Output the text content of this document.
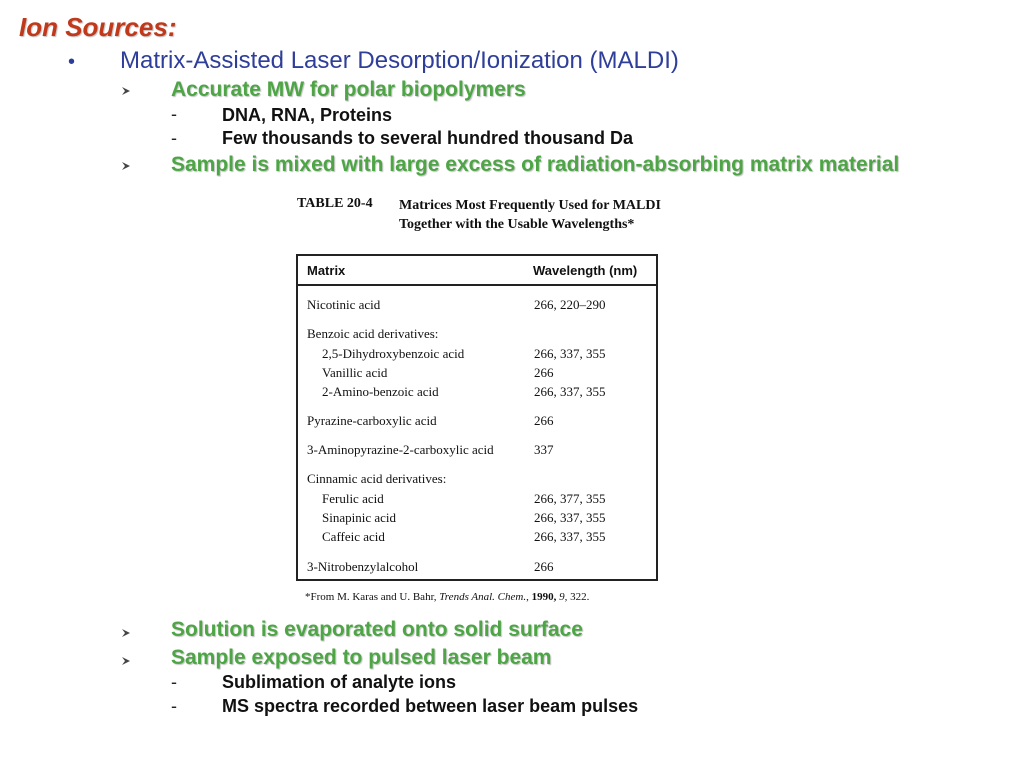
Ion Sources:
• Matrix-Assisted Laser Desorption/Ionization (MALDI)
Accurate MW for polar biopolymers
-	DNA, RNA, Proteins
-	Few thousands to several hundred thousand Da
Sample is mixed with large excess of radiation-absorbing matrix material
TABLE 20-4 Matrices Most Frequently Used for MALDI Together with the Usable Wavelengths*
Matrix	Wavelength (nm)
Nicotinic acid	266, 220–290
Benzoic acid derivatives:
2,5-Dihydroxybenzoic acid	266, 337, 355
Vanillic acid	266
2-Amino-benzoic acid	266, 337, 355
Pyrazine-carboxylic acid	266
3-Aminopyrazine-2-carboxylic acid	337
Cinnamic acid derivatives:
Ferulic acid	266, 377, 355
Sinapinic acid	266, 337, 355
Caffeic acid	266, 337, 355
3-Nitrobenzylalcohol	266
*From M. Karas and U. Bahr, Trends Anal. Chem., 1990, 9, 322.
Solution is evaporated onto solid surface
Sample exposed to pulsed laser beam
-	Sublimation of analyte ions
-	MS spectra recorded between laser beam pulses
